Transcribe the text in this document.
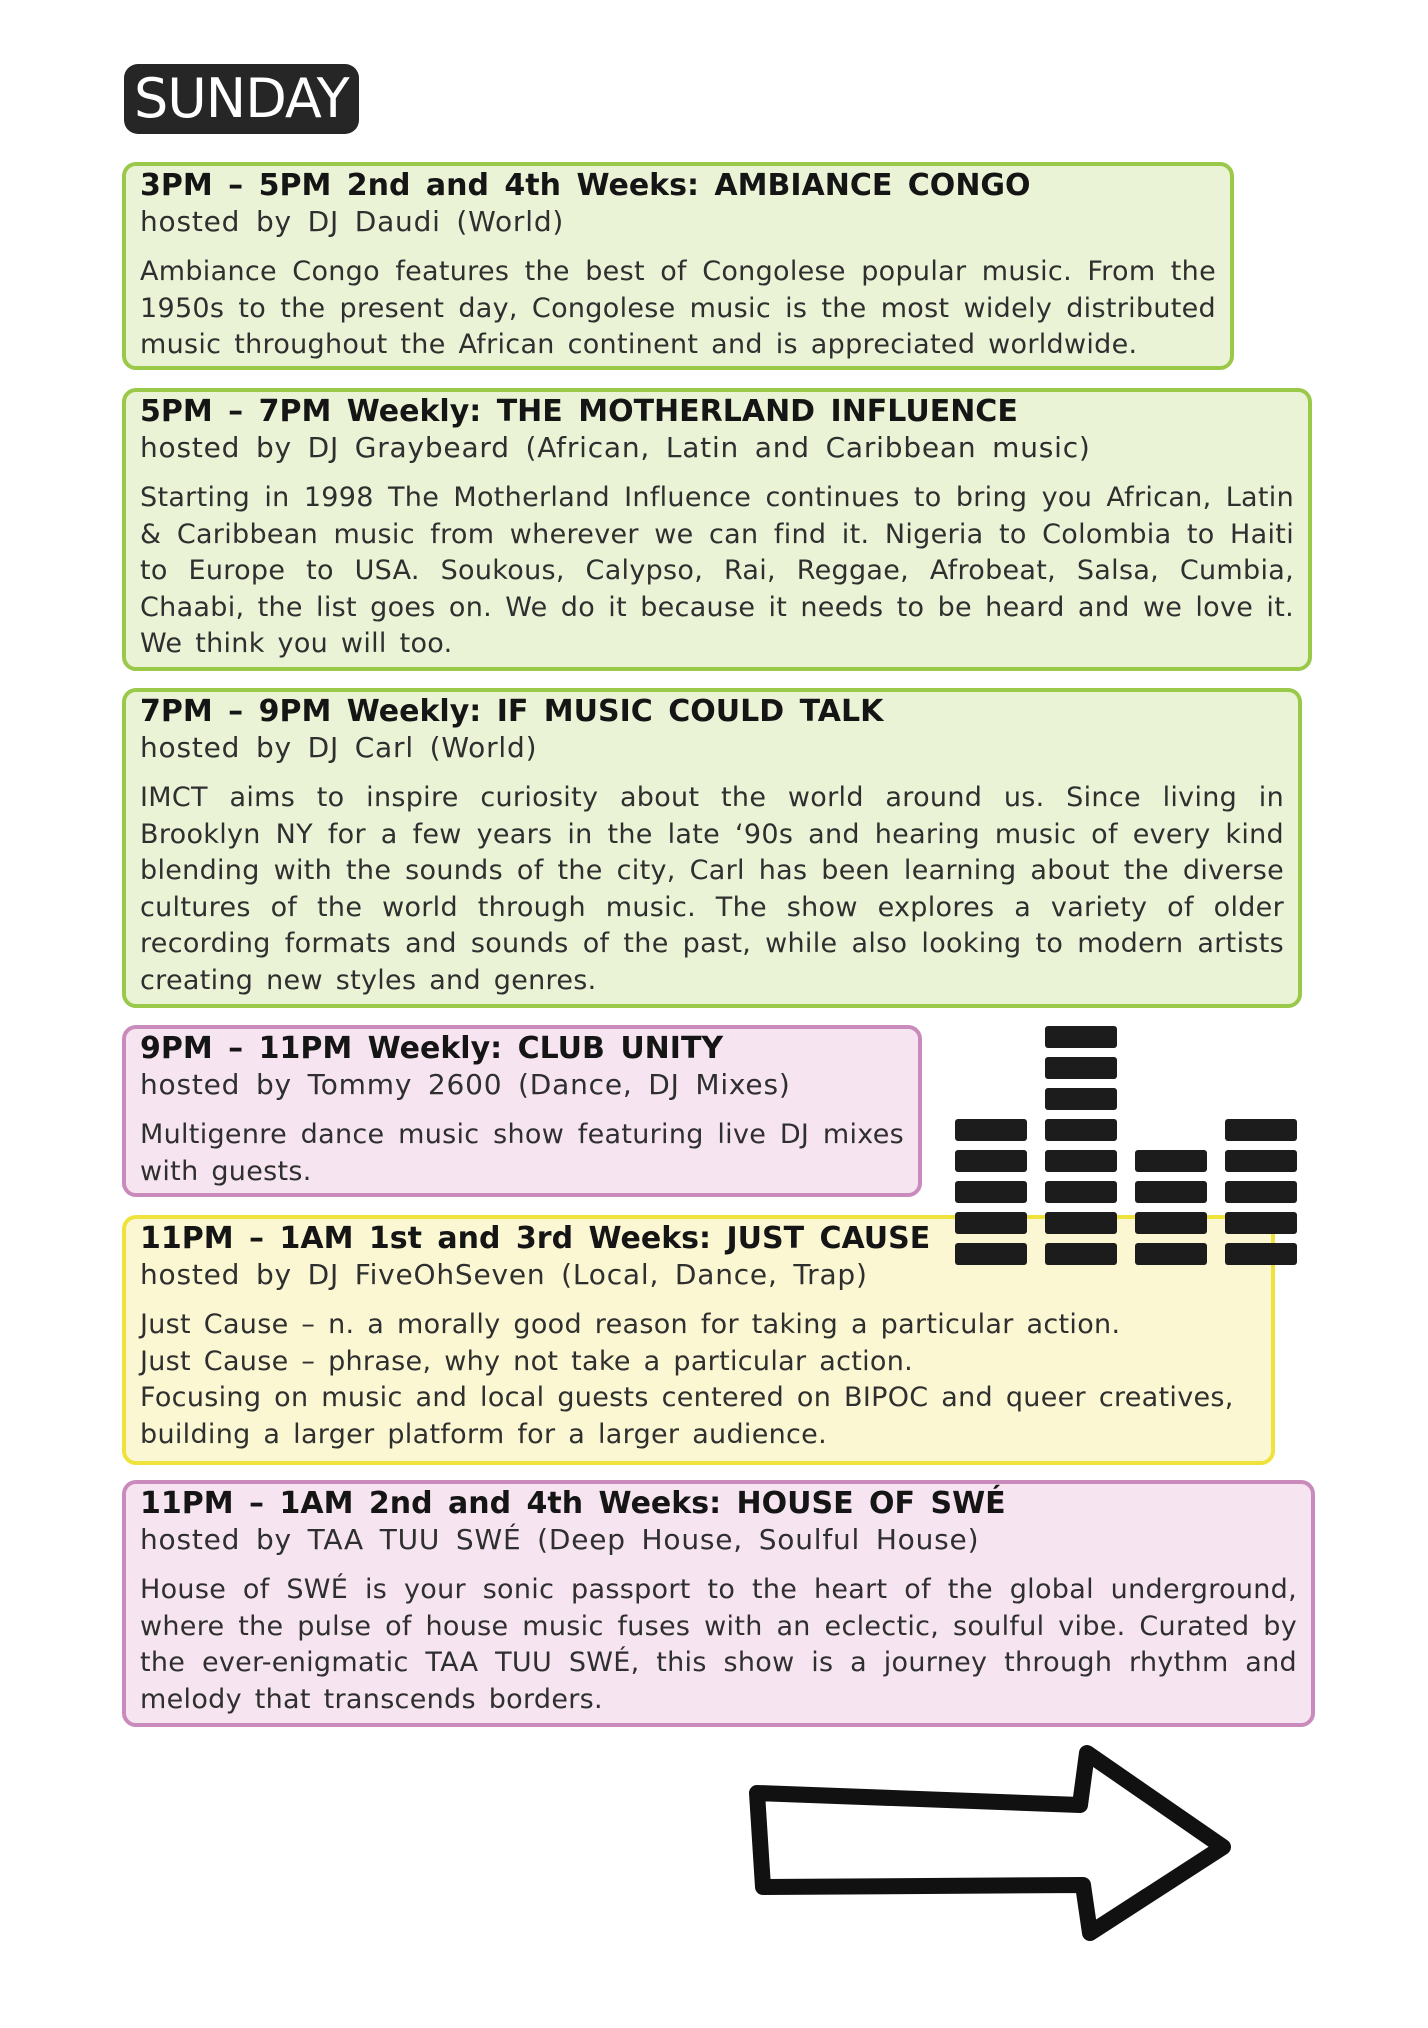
SUNDAY
3PM – 5PM 2nd and 4th Weeks: AMBIANCE CONGO
hosted by DJ Daudi (World)
Ambiance Congo features the best of Congolese popular music. From the 1950s to the present day, Congolese music is the most widely distributed music throughout the African continent and is appreciated worldwide.
5PM – 7PM Weekly: THE MOTHERLAND INFLUENCE
hosted by DJ Graybeard (African, Latin and Caribbean music)
Starting in 1998 The Motherland Influence continues to bring you African, Latin & Caribbean music from wherever we can find it. Nigeria to Colombia to Haiti to Europe to USA. Soukous, Calypso, Rai, Reggae, Afrobeat, Salsa, Cumbia, Chaabi, the list goes on. We do it because it needs to be heard and we love it. We think you will too.
7PM – 9PM Weekly: IF MUSIC COULD TALK
hosted by DJ Carl (World)
IMCT aims to inspire curiosity about the world around us. Since living in Brooklyn NY for a few years in the late ‘90s and hearing music of every kind blending with the sounds of the city, Carl has been learning about the diverse cultures of the world through music. The show explores a variety of older recording formats and sounds of the past, while also looking to modern artists creating new styles and genres.
9PM – 11PM Weekly: CLUB UNITY
hosted by Tommy 2600 (Dance, DJ Mixes)
Multigenre dance music show featuring live DJ mixes with guests.
11PM – 1AM 1st and 3rd Weeks: JUST CAUSE
hosted by DJ FiveOhSeven (Local, Dance, Trap)
Just Cause – n. a morally good reason for taking a particular action.
Just Cause – phrase, why not take a particular action.
Focusing on music and local guests centered on BIPOC and queer creatives, building a larger platform for a larger audience.
11PM – 1AM 2nd and 4th Weeks: HOUSE OF SWÉ
hosted by TAA TUU SWÉ (Deep House, Soulful House)
House of SWÉ is your sonic passport to the heart of the global underground, where the pulse of house music fuses with an eclectic, soulful vibe. Curated by the ever-enigmatic TAA TUU SWÉ, this show is a journey through rhythm and melody that transcends borders.
